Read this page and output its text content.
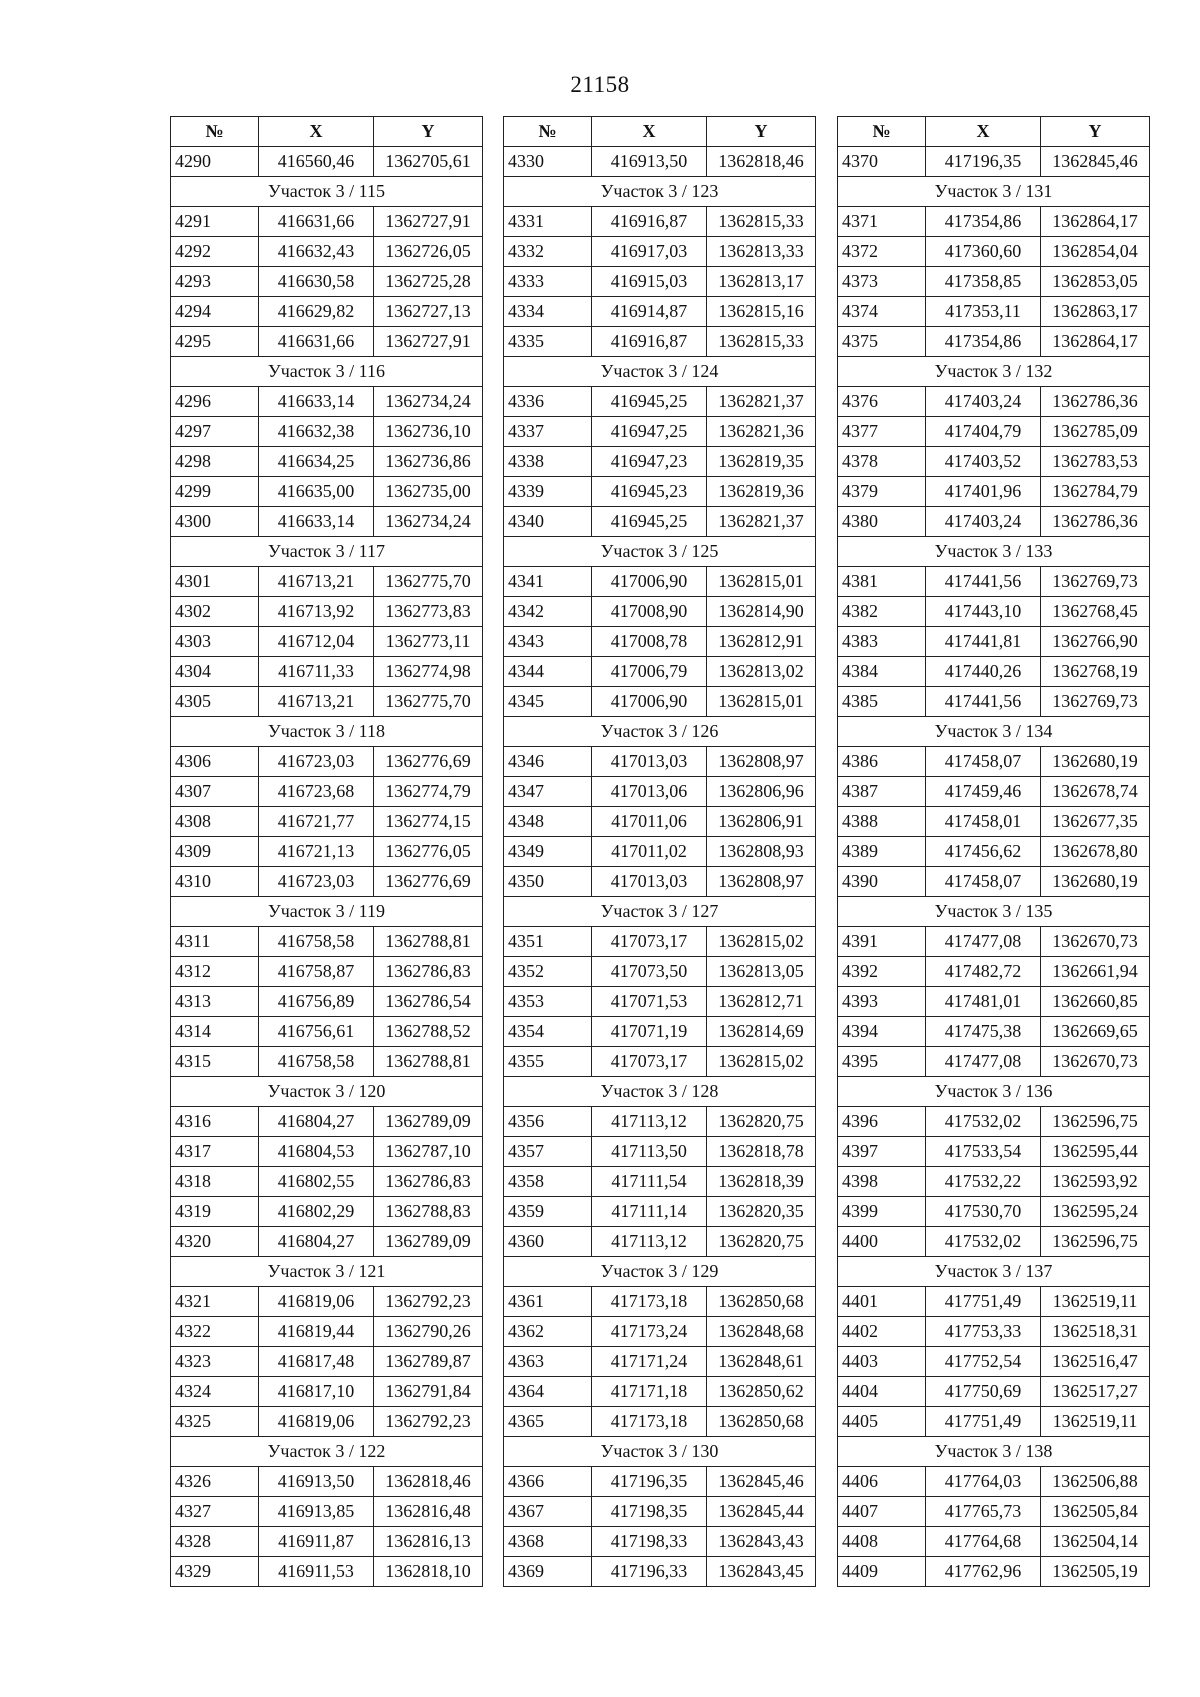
21158
№	X	Y
4290	416560,46	1362705,61
Участок 3 / 115		
4291	416631,66	1362727,91
4292	416632,43	1362726,05
4293	416630,58	1362725,28
4294	416629,82	1362727,13
4295	416631,66	1362727,91
Участок 3 / 116		
4296	416633,14	1362734,24
4297	416632,38	1362736,10
4298	416634,25	1362736,86
4299	416635,00	1362735,00
4300	416633,14	1362734,24
Участок 3 / 117		
4301	416713,21	1362775,70
4302	416713,92	1362773,83
4303	416712,04	1362773,11
4304	416711,33	1362774,98
4305	416713,21	1362775,70
Участок 3 / 118		
4306	416723,03	1362776,69
4307	416723,68	1362774,79
4308	416721,77	1362774,15
4309	416721,13	1362776,05
4310	416723,03	1362776,69
Участок 3 / 119		
4311	416758,58	1362788,81
4312	416758,87	1362786,83
4313	416756,89	1362786,54
4314	416756,61	1362788,52
4315	416758,58	1362788,81
Участок 3 / 120		
4316	416804,27	1362789,09
4317	416804,53	1362787,10
4318	416802,55	1362786,83
4319	416802,29	1362788,83
4320	416804,27	1362789,09
Участок 3 / 121		
4321	416819,06	1362792,23
4322	416819,44	1362790,26
4323	416817,48	1362789,87
4324	416817,10	1362791,84
4325	416819,06	1362792,23
Участок 3 / 122		
4326	416913,50	1362818,46
4327	416913,85	1362816,48
4328	416911,87	1362816,13
4329	416911,53	1362818,10
№	X	Y
4330	416913,50	1362818,46
Участок 3 / 123		
4331	416916,87	1362815,33
4332	416917,03	1362813,33
4333	416915,03	1362813,17
4334	416914,87	1362815,16
4335	416916,87	1362815,33
Участок 3 / 124		
4336	416945,25	1362821,37
4337	416947,25	1362821,36
4338	416947,23	1362819,35
4339	416945,23	1362819,36
4340	416945,25	1362821,37
Участок 3 / 125		
4341	417006,90	1362815,01
4342	417008,90	1362814,90
4343	417008,78	1362812,91
4344	417006,79	1362813,02
4345	417006,90	1362815,01
Участок 3 / 126		
4346	417013,03	1362808,97
4347	417013,06	1362806,96
4348	417011,06	1362806,91
4349	417011,02	1362808,93
4350	417013,03	1362808,97
Участок 3 / 127		
4351	417073,17	1362815,02
4352	417073,50	1362813,05
4353	417071,53	1362812,71
4354	417071,19	1362814,69
4355	417073,17	1362815,02
Участок 3 / 128		
4356	417113,12	1362820,75
4357	417113,50	1362818,78
4358	417111,54	1362818,39
4359	417111,14	1362820,35
4360	417113,12	1362820,75
Участок 3 / 129		
4361	417173,18	1362850,68
4362	417173,24	1362848,68
4363	417171,24	1362848,61
4364	417171,18	1362850,62
4365	417173,18	1362850,68
Участок 3 / 130		
4366	417196,35	1362845,46
4367	417198,35	1362845,44
4368	417198,33	1362843,43
4369	417196,33	1362843,45
№	X	Y
4370	417196,35	1362845,46
Участок 3 / 131		
4371	417354,86	1362864,17
4372	417360,60	1362854,04
4373	417358,85	1362853,05
4374	417353,11	1362863,17
4375	417354,86	1362864,17
Участок 3 / 132		
4376	417403,24	1362786,36
4377	417404,79	1362785,09
4378	417403,52	1362783,53
4379	417401,96	1362784,79
4380	417403,24	1362786,36
Участок 3 / 133		
4381	417441,56	1362769,73
4382	417443,10	1362768,45
4383	417441,81	1362766,90
4384	417440,26	1362768,19
4385	417441,56	1362769,73
Участок 3 / 134		
4386	417458,07	1362680,19
4387	417459,46	1362678,74
4388	417458,01	1362677,35
4389	417456,62	1362678,80
4390	417458,07	1362680,19
Участок 3 / 135		
4391	417477,08	1362670,73
4392	417482,72	1362661,94
4393	417481,01	1362660,85
4394	417475,38	1362669,65
4395	417477,08	1362670,73
Участок 3 / 136		
4396	417532,02	1362596,75
4397	417533,54	1362595,44
4398	417532,22	1362593,92
4399	417530,70	1362595,24
4400	417532,02	1362596,75
Участок 3 / 137		
4401	417751,49	1362519,11
4402	417753,33	1362518,31
4403	417752,54	1362516,47
4404	417750,69	1362517,27
4405	417751,49	1362519,11
Участок 3 / 138		
4406	417764,03	1362506,88
4407	417765,73	1362505,84
4408	417764,68	1362504,14
4409	417762,96	1362505,19
